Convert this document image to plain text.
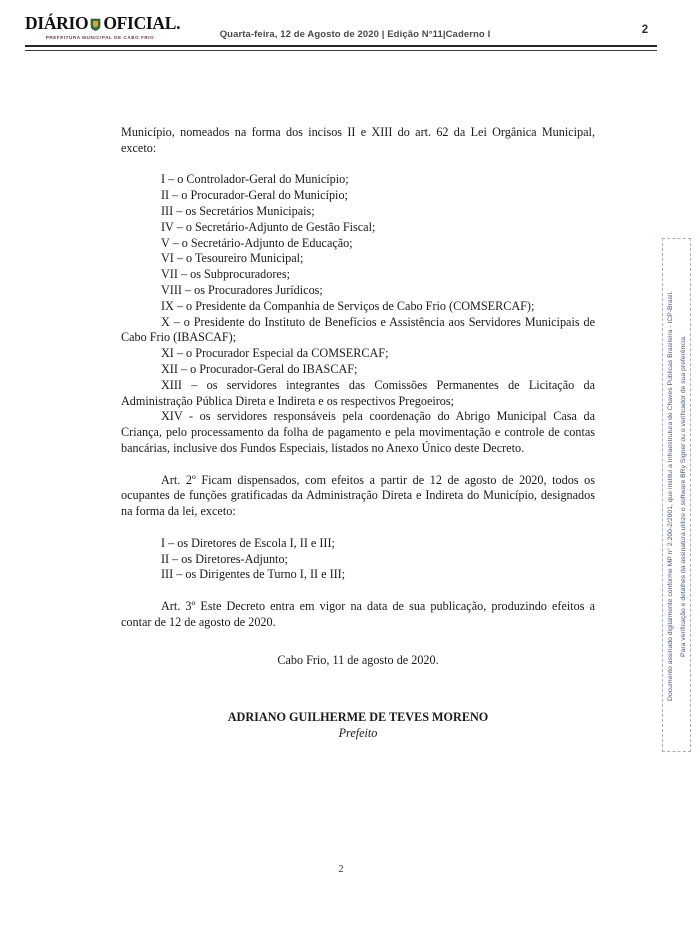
DIÁRIO OFICIAL.
PREFEITURA MUNICIPAL DE CABO FRIO	Quarta-feira, 12 de Agosto de 2020 | Edição N°11|Caderno I	2

Município, nomeados na forma dos incisos II e XIII do art. 62 da Lei Orgânica Municipal, exceto:

I – o Controlador-Geral do Município;

II – o Procurador-Geral do Município;

III – os Secretários Municipais;

IV – o Secretário-Adjunto de Gestão Fiscal;

V – o Secretário-Adjunto de Educação;

VI – o Tesoureiro Municipal;

VII – os Subprocuradores;

VIII – os Procuradores Jurídicos;

IX – o Presidente da Companhia de Serviços de Cabo Frio (COMSERCAF);

X – o Presidente do Instituto de Benefícios e Assistência aos Servidores Municipais de Cabo Frio (IBASCAF);

XI – o Procurador Especial da COMSERCAF;

XII – o Procurador-Geral do IBASCAF;

XIII – os servidores integrantes das Comissões Permanentes de Licitação da Administração Pública Direta e Indireta e os respectivos Pregoeiros;

XIV - os servidores responsáveis pela coordenação do Abrigo Municipal Casa da Criança, pelo processamento da folha de pagamento e pela movimentação e controle de contas bancárias, inclusive dos Fundos Especiais, listados no Anexo Único deste Decreto.

Art. 2º Ficam dispensados, com efeitos a partir de 12 de agosto de 2020, todos os ocupantes de funções gratificadas da Administração Direta e Indireta do Município, designados na forma da lei, exceto:

I – os Diretores de Escola I, II e III;

II – os Diretores-Adjunto;

III – os Dirigentes de Turno I, II e III;

Art. 3º Este Decreto entra em vigor na data de sua publicação, produzindo efeitos a contar de 12 de agosto de 2020.

Cabo Frio, 11 de agosto de 2020.

ADRIANO GUILHERME DE TEVES MORENO

Prefeito

2
Documento assinado digitalmente conforme MP n° 2.200-2/2001, que institui a Infraestrutura de Chaves Públicas Brasileira - ICP-Brasil. Para verificação e detalhes da assinatura utilize o software BRy Signer ou o verificador de sua preferência.
